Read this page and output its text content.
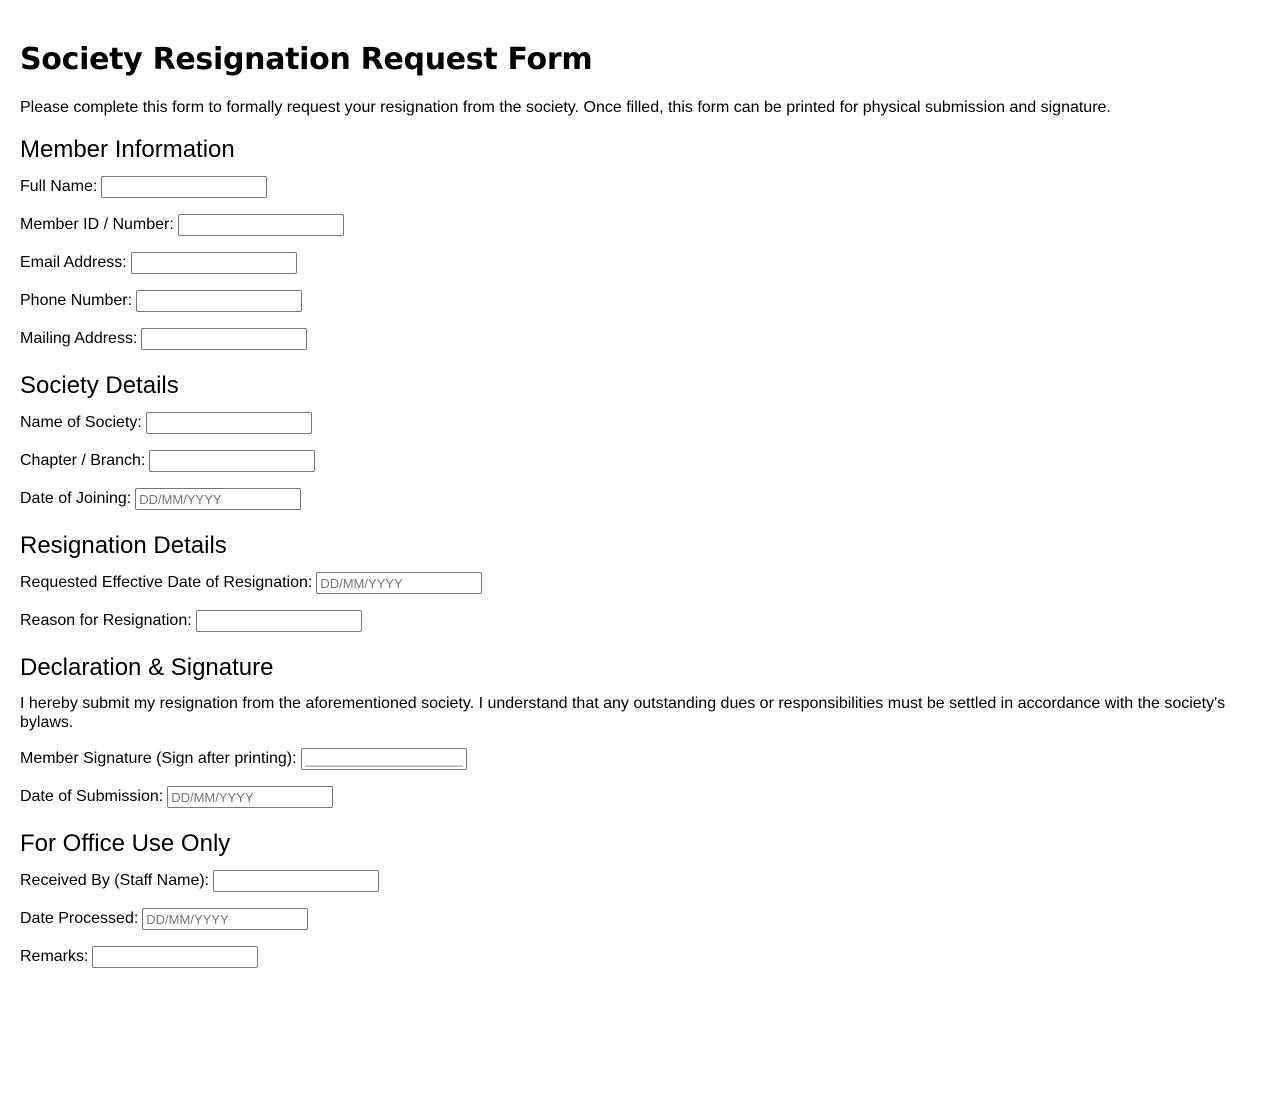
Society Resignation Request Form

Please complete this form to formally request your resignation from the society. Once filled, this form can be printed for physical submission and signature.

Member Information
Full Name:
Member ID / Number:
Email Address:
Phone Number:
Mailing Address:
Society Details
Name of Society:
Chapter / Branch:
Date of Joining:
DD/MM/YYYY
Resignation Details
Requested Effective Date of Resignation:
DD/MM/YYYY
Reason for Resignation:
Declaration & Signature

I hereby submit my resignation from the aforementioned society. I understand that any outstanding dues or responsibilities must be settled in accordance with the society's bylaws.

Member Signature (Sign after printing):
______________________
Date of Submission:
DD/MM/YYYY
For Office Use Only
Received By (Staff Name):
Date Processed:
DD/MM/YYYY
Remarks:
